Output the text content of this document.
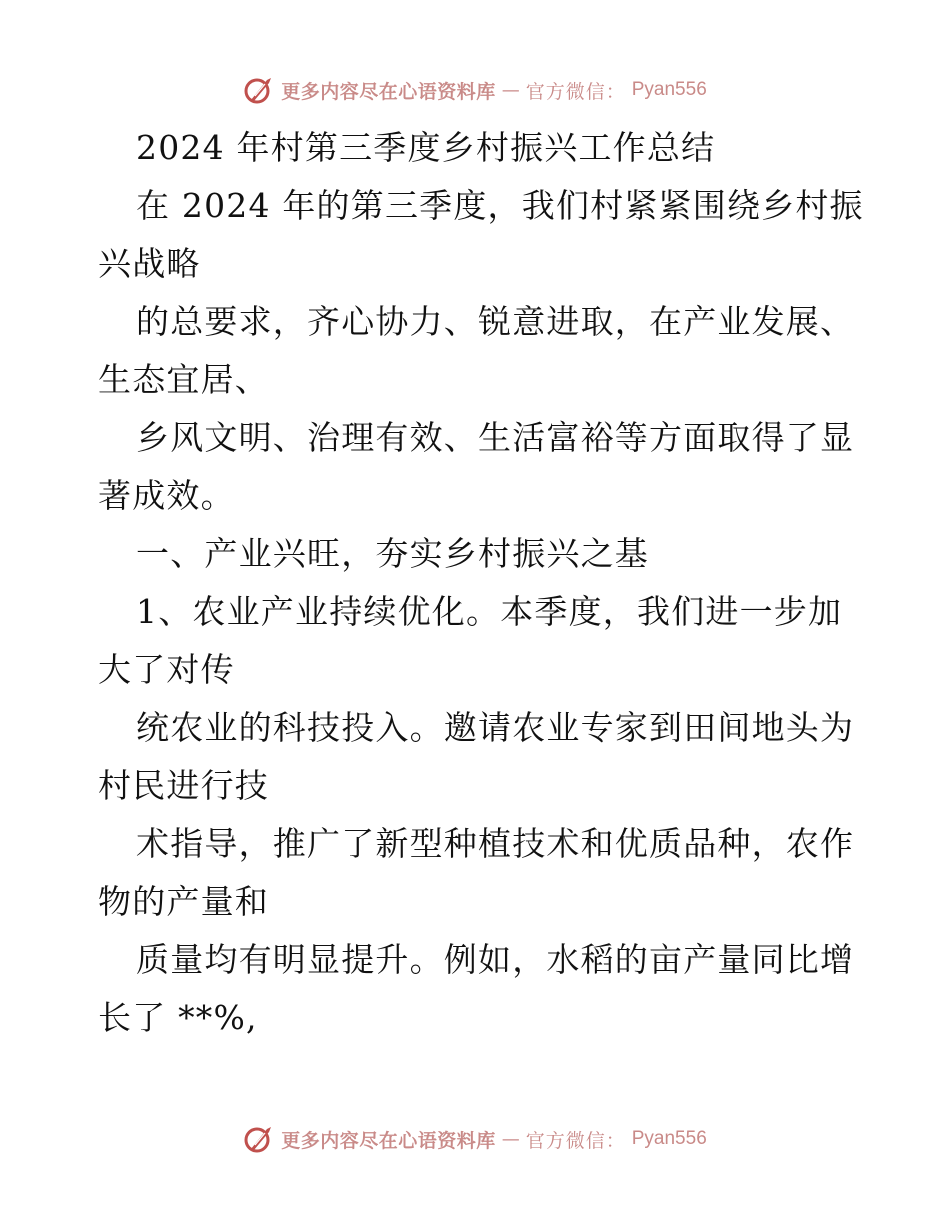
更多内容尽在心语资料库 — 官方微信： Pyan556
2024 年村第三季度乡村振兴工作总结
在 2024 年的第三季度，我们村紧紧围绕乡村振
兴战略
的总要求，齐心协力、锐意进取，在产业发展、
生态宜居、
乡风文明、治理有效、生活富裕等方面取得了显
著成效。
一、产业兴旺，夯实乡村振兴之基
1、农业产业持续优化。本季度，我们进一步加
大了对传
统农业的科技投入。邀请农业专家到田间地头为
村民进行技
术指导，推广了新型种植技术和优质品种，农作
物的产量和
质量均有明显提升。例如，水稻的亩产量同比增
长了 **%,
更多内容尽在心语资料库 — 官方微信： Pyan556
